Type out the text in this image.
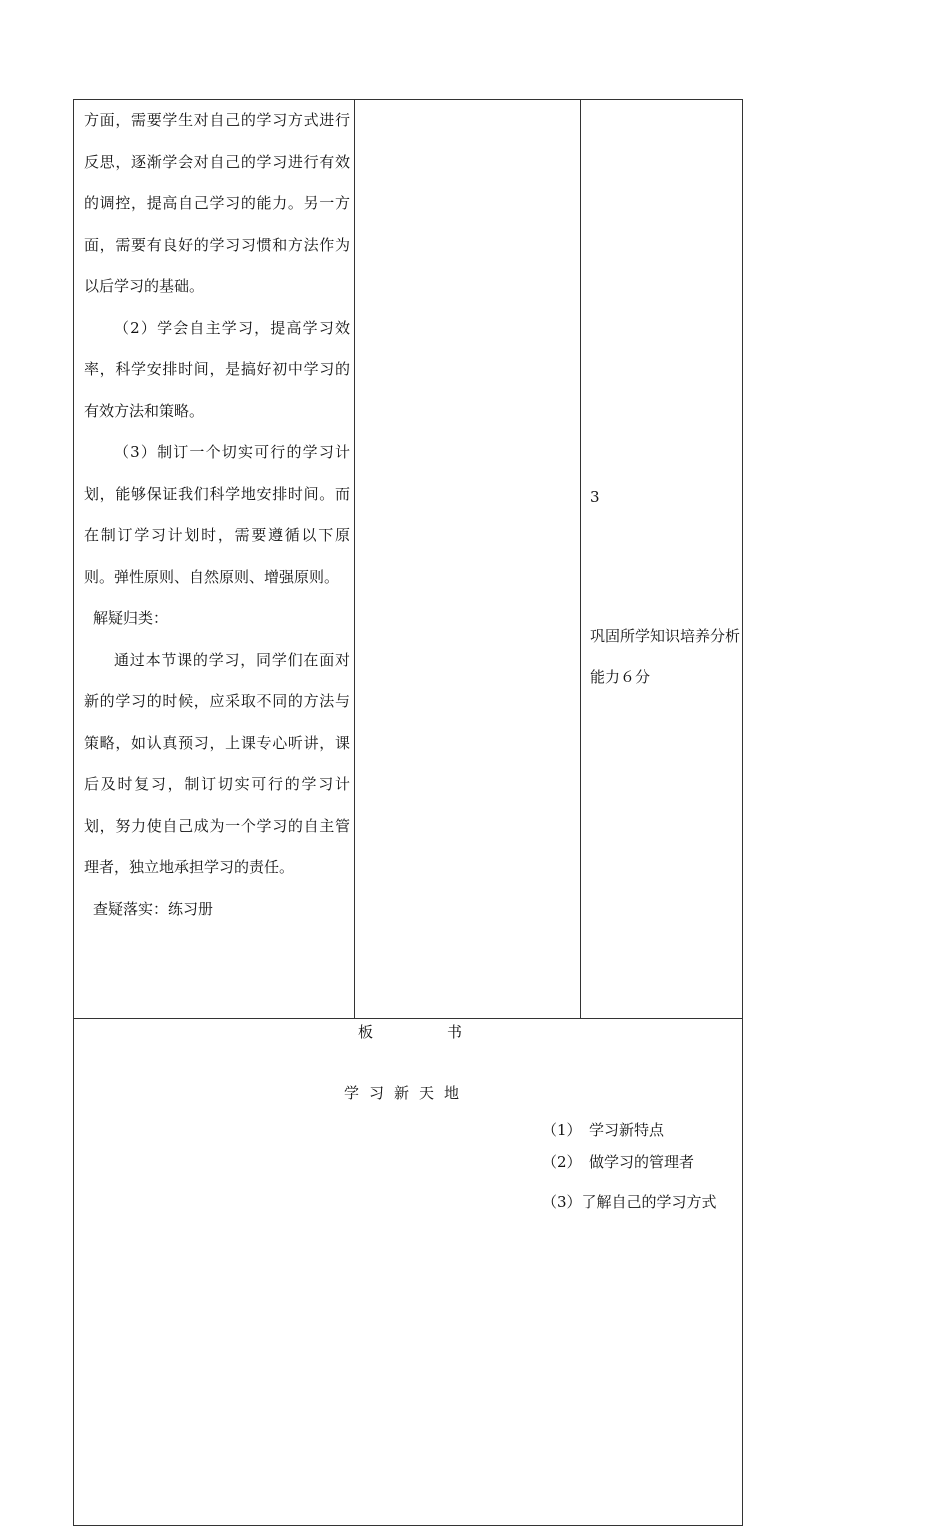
方面，需要学生对自己的学习方式进行反思，逐渐学会对自己的学习进行有效的调控，提高自己学习的能力。另一方面，需要有良好的学习习惯和方法作为以后学习的基础。

（2）学会自主学习，提高学习效率，科学安排时间，是搞好初中学习的有效方法和策略。

（3）制订一个切实可行的学习计划，能够保证我们科学地安排时间。而在制订学习计划时，需要遵循以下原则。弹性原则、自然原则、增强原则。

解疑归类：

通过本节课的学习，同学们在面对新的学习的时候，应采取不同的方法与策略，如认真预习，上课专心听讲，课后及时复习，制订切实可行的学习计划，努力使自己成为一个学习的自主管理者，独立地承担学习的责任。

查疑落实：练习册

3
巩固所学知识培养分析能力６分

板书
学习新天地
（1）　学习新特点
（2）　做学习的管理者
（3）了解自己的学习方式
